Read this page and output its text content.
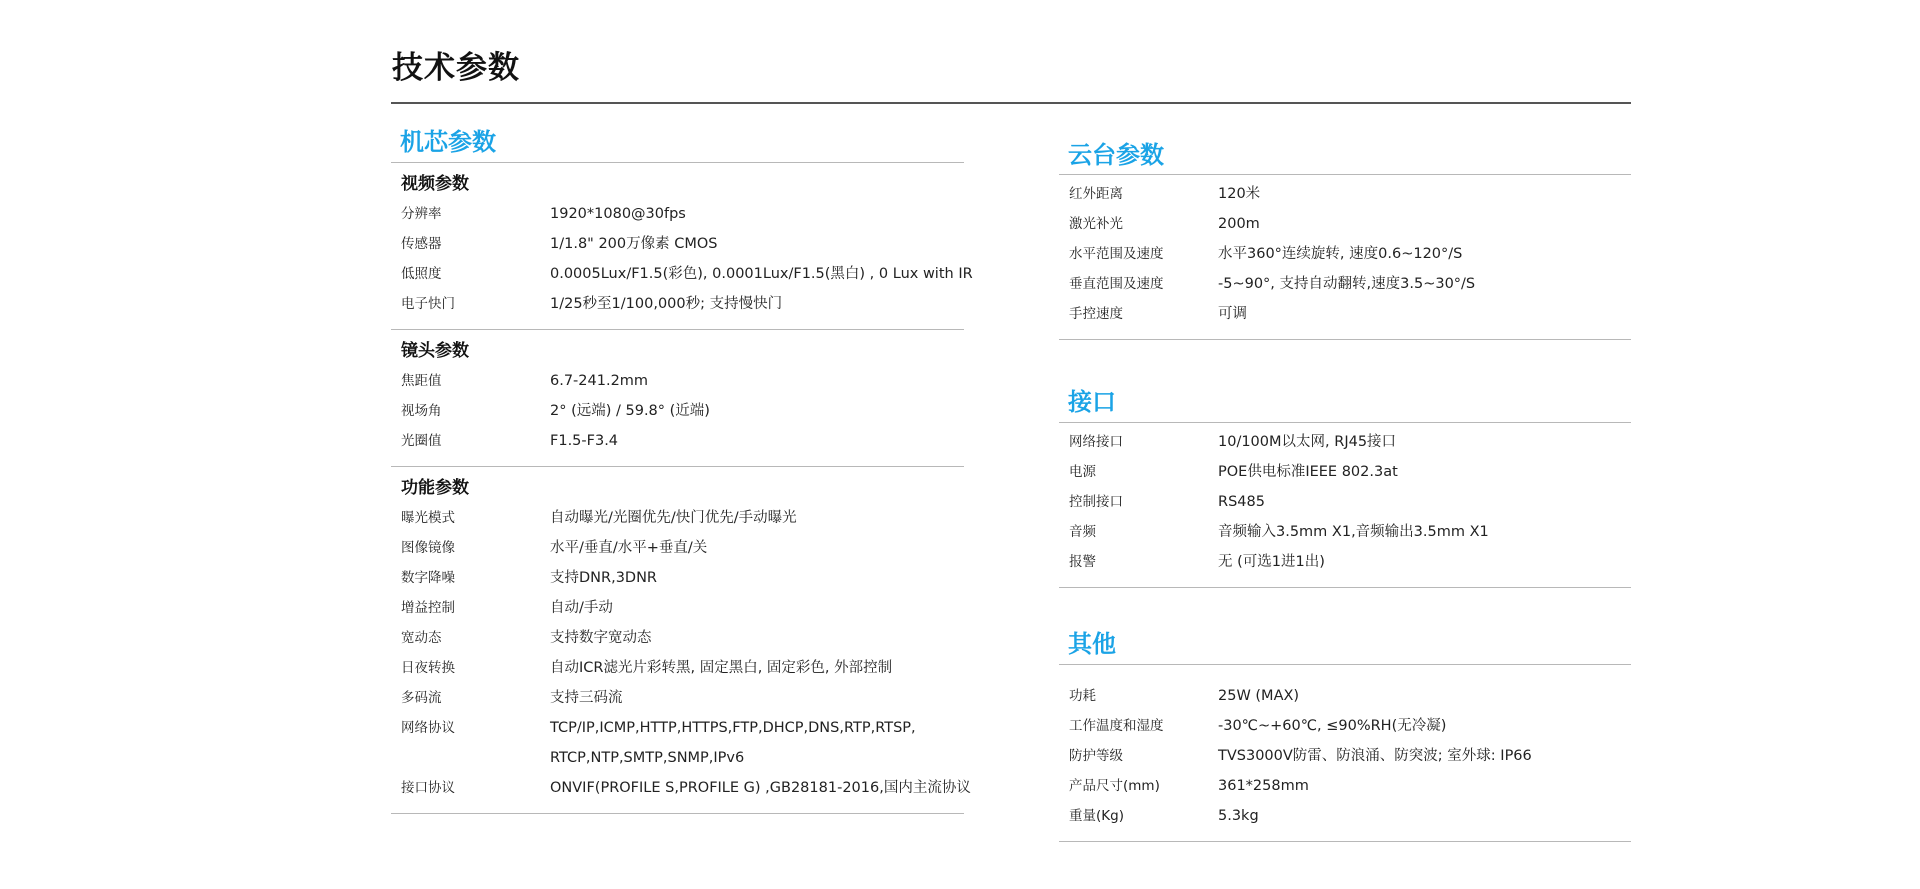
技术参数
机芯参数
视频参数
分辨率	1920*1080@30fps
传感器	1/1.8" 200万像素 CMOS
低照度	0.0005Lux/F1.5(彩色), 0.0001Lux/F1.5(黑白) , 0 Lux with IR
电子快门	1/25秒至1/100,000秒; 支持慢快门
镜头参数
焦距值	6.7-241.2mm
视场角	2° (远端) / 59.8° (近端)
光圈值	F1.5-F3.4
功能参数
曝光模式	自动曝光/光圈优先/快门优先/手动曝光
图像镜像	水平/垂直/水平+垂直/关
数字降噪	支持DNR,3DNR
增益控制	自动/手动
宽动态	支持数字宽动态
日夜转换	自动ICR滤光片彩转黑, 固定黑白, 固定彩色, 外部控制
多码流	支持三码流
网络协议	TCP/IP,ICMP,HTTP,HTTPS,FTP,DHCP,DNS,RTP,RTSP,
RTCP,NTP,SMTP,SNMP,IPv6
接口协议	ONVIF(PROFILE S,PROFILE G) ,GB28181-2016,国内主流协议
云台参数
红外距离	120米
激光补光	200m
水平范围及速度	水平360°连续旋转, 速度0.6~120°/S
垂直范围及速度	-5~90°, 支持自动翻转,速度3.5~30°/S
手控速度	可调
接口
网络接口	10/100M以太网, RJ45接口
电源	POE供电标准IEEE 802.3at
控制接口	RS485
音频	音频输入3.5mm X1,音频输出3.5mm X1
报警	无 (可选1进1出)
其他
功耗	25W (MAX)
工作温度和湿度	-30℃~+60℃, ≤90%RH(无冷凝)
防护等级	TVS3000V防雷、防浪涌、防突波; 室外球: IP66
产品尺寸(mm)	361*258mm
重量(Kg)	5.3kg
